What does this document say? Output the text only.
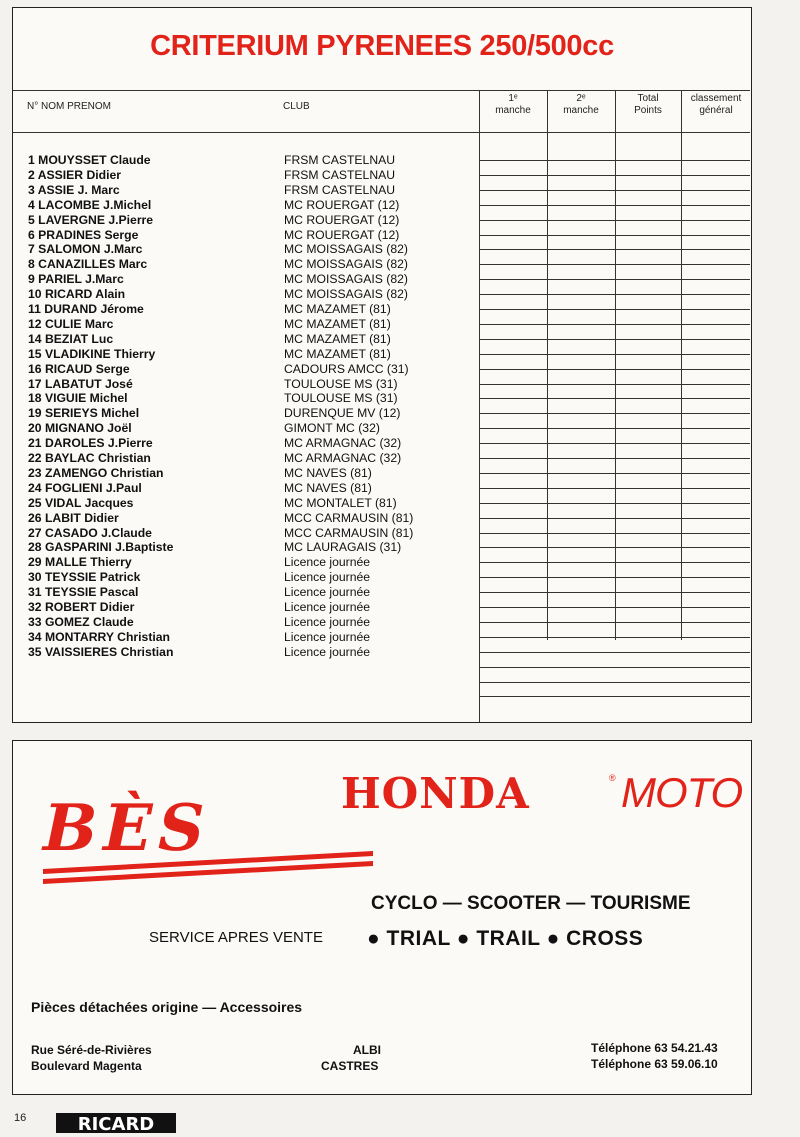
CRITERIUM PYRENEES 250/500cc
N° NOM PRENOM	CLUB
1ᵉ
manche
2ᵉ
manche
Total
Points
classement
général
1 MOUYSSET Claude	FRSM CASTELNAU
2 ASSIER Didier	FRSM CASTELNAU
3 ASSIE J. Marc	FRSM CASTELNAU
4 LACOMBE J.Michel	MC ROUERGAT (12)
5 LAVERGNE J.Pierre	MC ROUERGAT (12)
6 PRADINES Serge	MC ROUERGAT (12)
7 SALOMON J.Marc	MC MOISSAGAIS (82)
8 CANAZILLES Marc	MC MOISSAGAIS (82)
9 PARIEL J.Marc	MC MOISSAGAIS (82)
10 RICARD Alain	MC MOISSAGAIS (82)
11 DURAND Jérome	MC MAZAMET (81)
12 CULIE Marc	MC MAZAMET (81)
14 BEZIAT Luc	MC MAZAMET (81)
15 VLADIKINE Thierry	MC MAZAMET (81)
16 RICAUD Serge	CADOURS AMCC (31)
17 LABATUT José	TOULOUSE MS (31)
18 VIGUIE Michel	TOULOUSE MS (31)
19 SERIEYS Michel	DURENQUE MV (12)
20 MIGNANO Joël	GIMONT MC (32)
21 DAROLES J.Pierre	MC ARMAGNAC (32)
22 BAYLAC Christian	MC ARMAGNAC (32)
23 ZAMENGO Christian	MC NAVES (81)
24 FOGLIENI J.Paul	MC NAVES (81)
25 VIDAL Jacques	MC MONTALET (81)
26 LABIT Didier	MCC CARMAUSIN (81)
27 CASADO J.Claude	MCC CARMAUSIN (81)
28 GASPARINI J.Baptiste	MC LAURAGAIS (31)
29 MALLE Thierry	Licence journée
30 TEYSSIE Patrick	Licence journée
31 TEYSSIE Pascal	Licence journée
32 ROBERT Didier	Licence journée
33 GOMEZ Claude	Licence journée
34 MONTARRY Christian	Licence journée
35 VAISSIERES Christian	Licence journée
HONDA	® MOTO
BÈS
CYCLO — SCOOTER — TOURISME
SERVICE APRES VENTE ● TRIAL ● TRAIL ● CROSS
Pièces détachées origine — Accessoires
Rue Séré-de-Rivières	ALBI	Téléphone 63 54.21.43
Boulevard Magenta	CASTRES	Téléphone 63 59.06.10
16	RICARD
